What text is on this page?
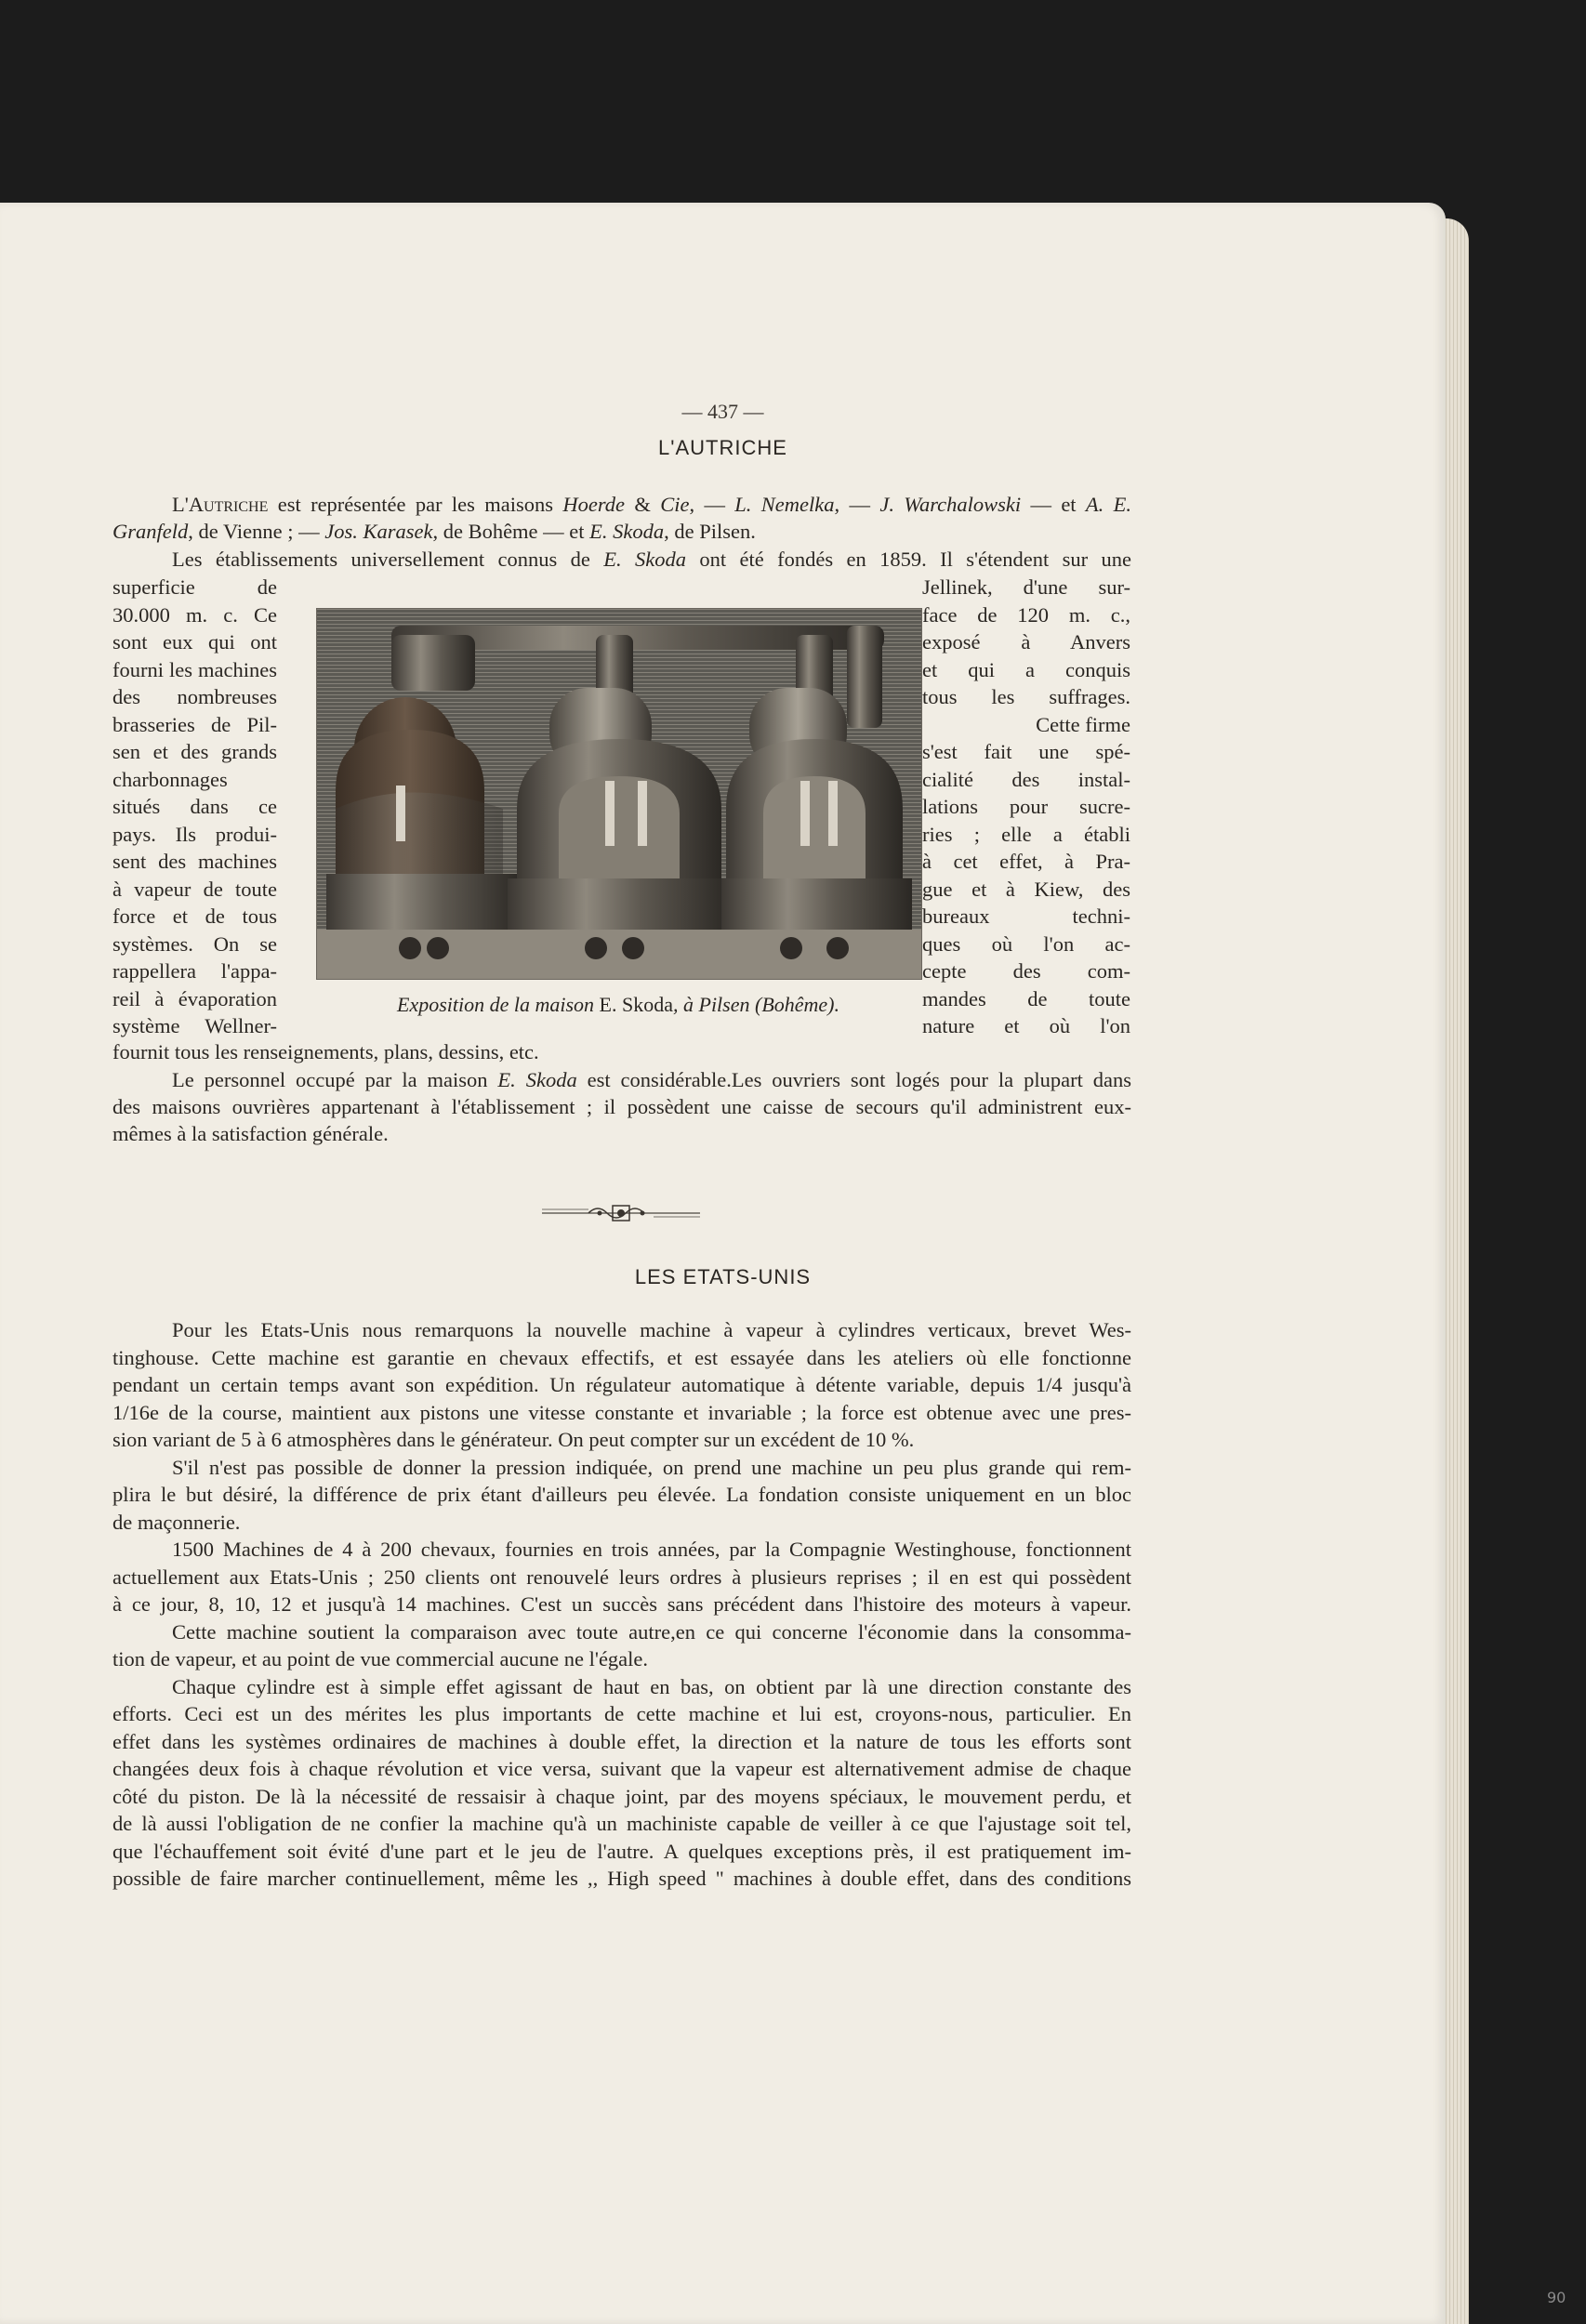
— 437 —
L'AUTRICHE
L'Autriche est représentée par les maisons Hoerde & Cie, — L. Nemelka, — J. Warchalowski — et A. E.
Granfeld, de Vienne ; — Jos. Karasek, de Bohême — et E. Skoda, de Pilsen.
Les établissements universellement connus de E. Skoda ont été fondés en 1859. Il s'étendent sur une
superficie de
30.000 m. c. Ce
sont eux qui ont
fourni les machines
des nombreuses
brasseries de Pil-
sen et des grands
charbonnages
situés dans ce
pays. Ils produi-
sent des machines
à vapeur de toute
force et de tous
systèmes. On se
rappellera l'appa-
reil à évaporation
système Wellner-
Jellinek, d'une sur-
face de 120 m. c.,
exposé à Anvers
et qui a conquis
tous les suffrages.
Cette firme
s'est fait une spé-
cialité des instal-
lations pour sucre-
ries ; elle a établi
à cet effet, à Pra-
gue et à Kiew, des
bureaux techni-
ques où l'on ac-
cepte des com-
mandes de toute
nature et où l'on
Exposition de la maison E. Skoda, à Pilsen (Bohême).
fournit tous les renseignements, plans, dessins, etc.
Le personnel occupé par la maison E. Skoda est considérable.Les ouvriers sont logés pour la plupart dans
des maisons ouvrières appartenant à l'établissement ; il possèdent une caisse de secours qu'il administrent eux-
mêmes à la satisfaction générale.
LES ETATS-UNIS
Pour les Etats-Unis nous remarquons la nouvelle machine à vapeur à cylindres verticaux, brevet Wes-
tinghouse. Cette machine est garantie en chevaux effectifs, et est essayée dans les ateliers où elle fonctionne
pendant un certain temps avant son expédition. Un régulateur automatique à détente variable, depuis 1/4 jusqu'à
1/16e de la course, maintient aux pistons une vitesse constante et invariable ; la force est obtenue avec une pres-
sion variant de 5 à 6 atmosphères dans le générateur. On peut compter sur un excédent de 10 %.
S'il n'est pas possible de donner la pression indiquée, on prend une machine un peu plus grande qui rem-
plira le but désiré, la différence de prix étant d'ailleurs peu élevée. La fondation consiste uniquement en un bloc
de maçonnerie.
1500 Machines de 4 à 200 chevaux, fournies en trois années, par la Compagnie Westinghouse, fonctionnent
actuellement aux Etats-Unis ; 250 clients ont renouvelé leurs ordres à plusieurs reprises ; il en est qui possèdent
à ce jour, 8, 10, 12 et jusqu'à 14 machines. C'est un succès sans précédent dans l'histoire des moteurs à vapeur.
Cette machine soutient la comparaison avec toute autre,en ce qui concerne l'économie dans la consomma-
tion de vapeur, et au point de vue commercial aucune ne l'égale.
Chaque cylindre est à simple effet agissant de haut en bas, on obtient par là une direction constante des
efforts. Ceci est un des mérites les plus importants de cette machine et lui est, croyons-nous, particulier. En
effet dans les systèmes ordinaires de machines à double effet, la direction et la nature de tous les efforts sont
changées deux fois à chaque révolution et vice versa, suivant que la vapeur est alternativement admise de chaque
côté du piston. De là la nécessité de ressaisir à chaque joint, par des moyens spéciaux, le mouvement perdu, et
de là aussi l'obligation de ne confier la machine qu'à un machiniste capable de veiller à ce que l'ajustage soit tel,
que l'échauffement soit évité d'une part et le jeu de l'autre. A quelques exceptions près, il est pratiquement im-
possible de faire marcher continuellement, même les ,, High speed " machines à double effet, dans des conditions
90
